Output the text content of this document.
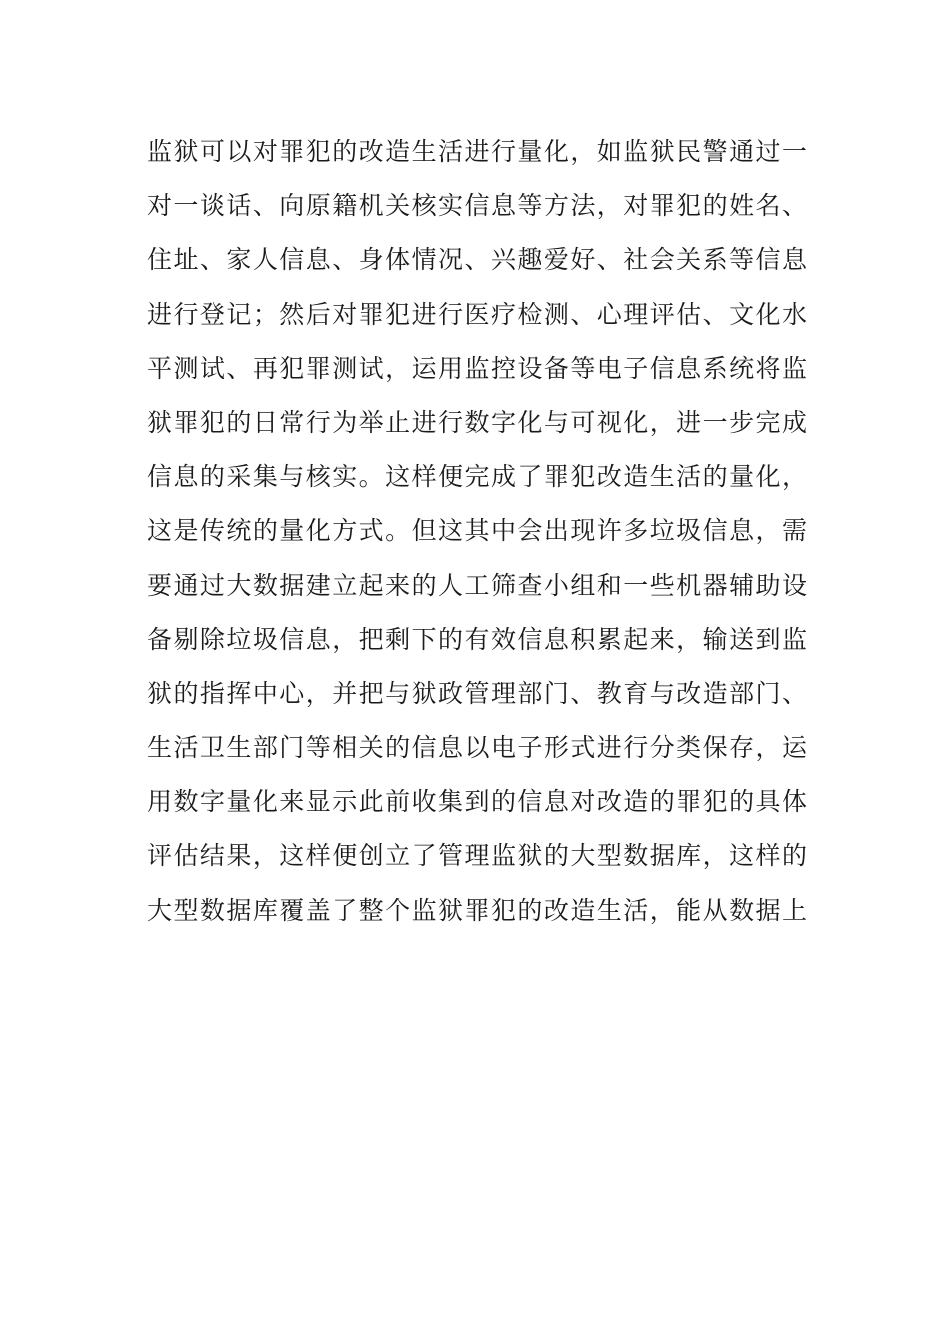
监狱可以对罪犯的改造生活进行量化，如监狱民警通过一
对一谈话、向原籍机关核实信息等方法，对罪犯的姓名、
住址、家人信息、身体情况、兴趣爱好、社会关系等信息
进行登记；然后对罪犯进行医疗检测、心理评估、文化水
平测试、再犯罪测试，运用监控设备等电子信息系统将监
狱罪犯的日常行为举止进行数字化与可视化，进一步完成
信息的采集与核实。这样便完成了罪犯改造生活的量化，
这是传统的量化方式。但这其中会出现许多垃圾信息，需
要通过大数据建立起来的人工筛查小组和一些机器辅助设
备剔除垃圾信息，把剩下的有效信息积累起来，输送到监
狱的指挥中心，并把与狱政管理部门、教育与改造部门、
生活卫生部门等相关的信息以电子形式进行分类保存，运
用数字量化来显示此前收集到的信息对改造的罪犯的具体
评估结果，这样便创立了管理监狱的大型数据库，这样的
大型数据库覆盖了整个监狱罪犯的改造生活，能从数据上
